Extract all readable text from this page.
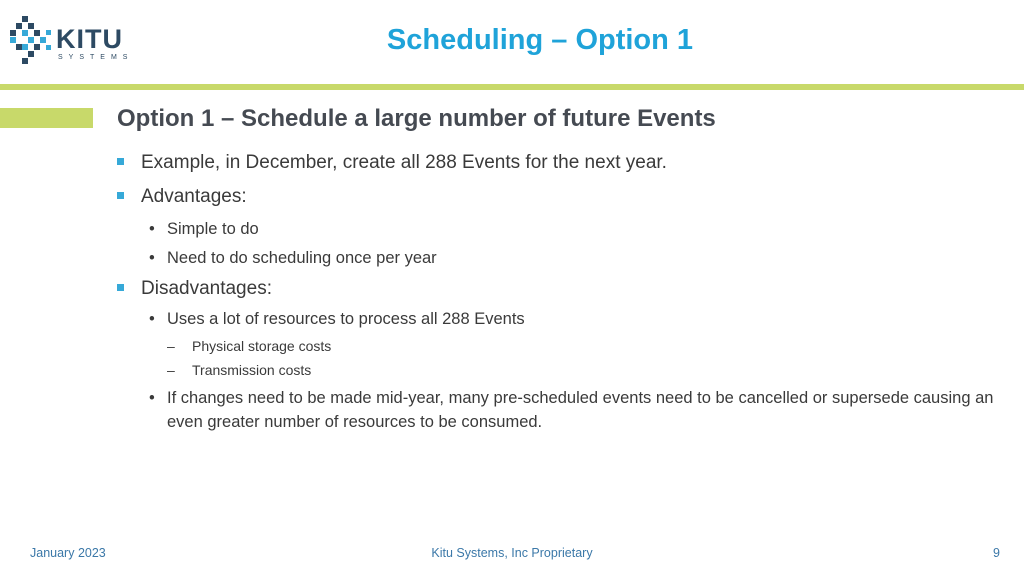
KITU
SYSTEMS
Scheduling – Option 1
Option 1 – Schedule a large number of future Events
Example, in December, create all 288 Events for the next year.
Advantages:
• Simple to do
• Need to do scheduling once per year
Disadvantages:
• Uses a lot of resources to process all 288 Events
– Physical storage costs
– Transmission costs
• If changes need to be made mid-year, many pre-scheduled events need to be cancelled or supersede causing an even greater number of resources to be consumed.
January 2023	Kitu Systems, Inc Proprietary	9
